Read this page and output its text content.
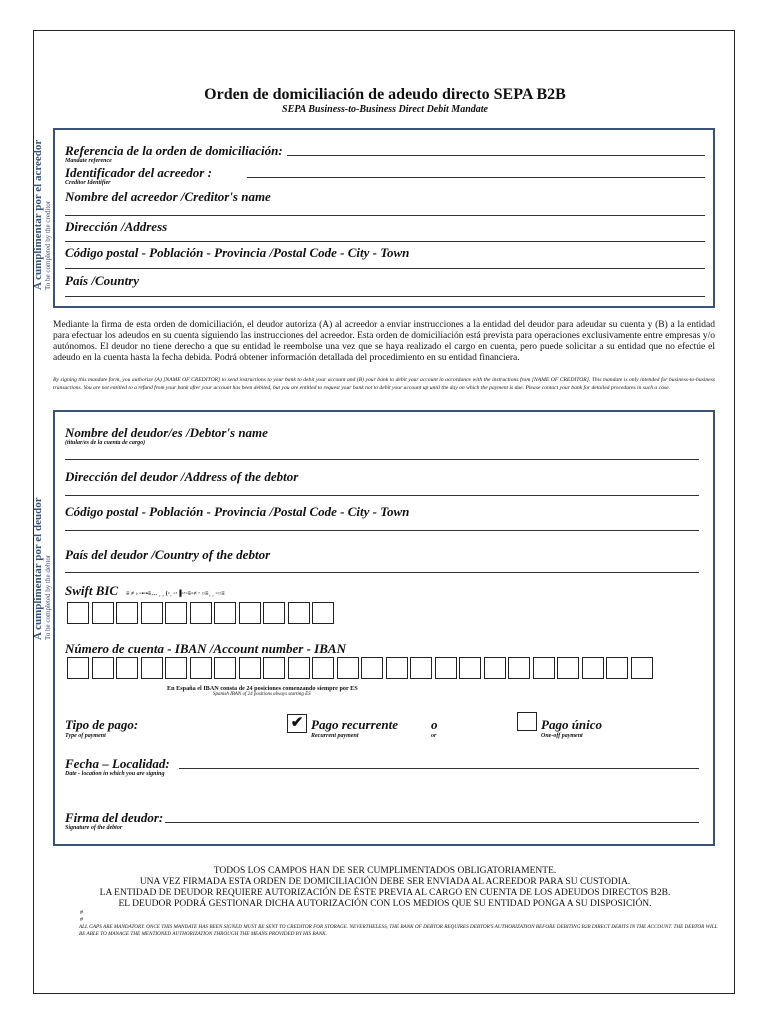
Orden de domiciliación de adeudo directo SEPA B2B
SEPA Business-to-Business Direct Debit Mandate
A cumplimentar por el acreedor To be completed by the creditor
Referencia de la orden de domiciliación:
Mandate reference
Identificador del acreedor :
Creditor Identifier
Nombre del acreedor /Creditor's name
Dirección /Address
Código postal - Población - Provincia /Postal Code - City - Town
País /Country
Mediante la firma de esta orden de domiciliación, el deudor autoriza (A) al acreedor a enviar instrucciones a la entidad del deudor para adeudar su cuenta y (B) a la entidad para efectuar los adeudos en su cuenta siguiendo las instrucciones del acreedor. Esta orden de domiciliación está prevista para operaciones exclusivamente entre empresas y/o autónomos. El deudor no tiene derecho a que su entidad le reembolse una vez que se haya realizado el cargo en cuenta, pero puede solicitar a su entidad que no efectúe el adeudo en la cuenta hasta la fecha debida. Podrá obtener información detallada del procedimiento en su entidad financiera.
By signing this mandate form, you authorize (A) [NAME OF CREDITOR] to send instructions to your bank to debit your account and (B) your bank to debit your account in accordance with the instructions from [NAME OF CREDITOR]. This mandate is only intended for business-to-business transactions. You are not entitled to a refund from your bank after your account has been debited, but you are entitled to request your bank not to debit your account up until the day on which the payment is due. Please contact your bank for detailed procedures in such a case.
A cumplimentar por el deudor To be completed by the debtor
Nombre del deudor/es /Debtor's name
(titular/es de la cuenta de cargo)
Dirección del deudor /Address of the debtor
Código postal - Población - Provincia /Postal Code - City - Town
País del deudor /Country of the debtor
Swift BIC ≡ ≠ › ▫▪▫▪≡… ˏ ˏ (▫ˏ ▫‧▐▫‧▫≡▫≠ ‧ ○≡ˏ ˏ ▫○≡
Número de cuenta - IBAN /Account number - IBAN
En España el IBAN consta de 24 posiciones comenzando siempre por ES
Spanish IBAN of 24 positions always starting ES
Tipo de pago:
Type of payment
✔ Pago recurrente
Recurrent payment
o
or
Pago único
One-off payment
Fecha – Localidad:
Date - location in which you are signing
Firma del deudor:
Signature of the debtor
TODOS LOS CAMPOS HAN DE SER CUMPLIMENTADOS OBLIGATORIAMENTE.
UNA VEZ FIRMADA ESTA ORDEN DE DOMICILIACIÓN DEBE SER ENVIADA AL ACREEDOR PARA SU CUSTODIA.
LA ENTIDAD DE DEUDOR REQUIERE AUTORIZACIÓN DE ÉSTE PREVIA AL CARGO EN CUENTA DE LOS ADEUDOS DIRECTOS B2B.
EL DEUDOR PODRÁ GESTIONAR DICHA AUTORIZACIÓN CON LOS MEDIOS QUE SU ENTIDAD PONGA A SU DISPOSICIÓN.
#
#
ALL GAPS ARE MANDATORY. ONCE THIS MANDATE HAS BEEN SIGNED MUST BE SENT TO CREDITOR FOR STORAGE. NEVERTHELESS, THE BANK OF DEBTOR REQUIRES DEBTOR'S AUTHORIZATION BEFORE DEBITING B2B DIRECT DEBITS IN THE ACCOUNT. THE DEBTOR WILL BE ABLE TO MANAGE THE MENTIONED AUTHORIZATION THROUGH THE MEANS PROVIDED BY HIS BANK.
